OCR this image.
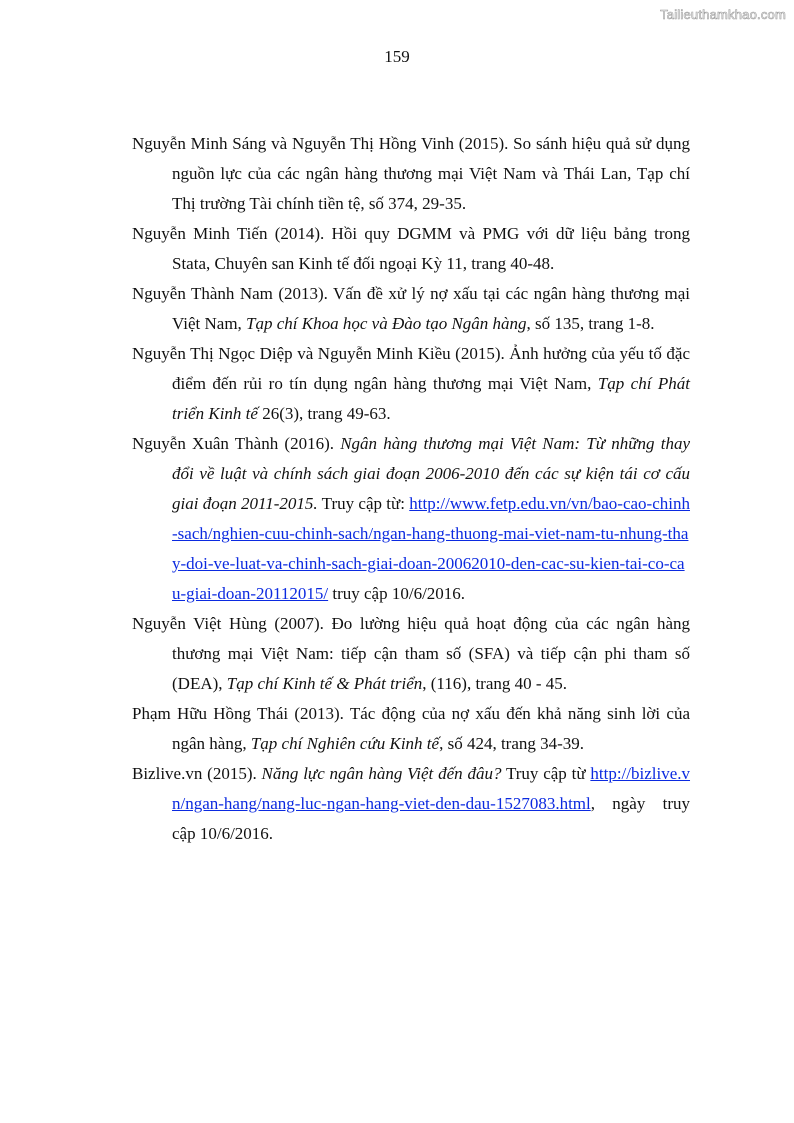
Tailieuthamkhao.com
159

Nguyễn Minh Sáng và Nguyễn Thị Hồng Vinh (2015). So sánh hiệu quả sử dụng nguồn lực của các ngân hàng thương mại Việt Nam và Thái Lan, Tạp chí Thị trường Tài chính tiền tệ, số 374, 29-35.

Nguyễn Minh Tiến (2014). Hồi quy DGMM và PMG với dữ liệu bảng trong Stata, Chuyên san Kinh tế đối ngoại Kỳ 11, trang 40-48.

Nguyễn Thành Nam (2013). Vấn đề xử lý nợ xấu tại các ngân hàng thương mại Việt Nam, Tạp chí Khoa học và Đào tạo Ngân hàng, số 135, trang 1-8.

Nguyễn Thị Ngọc Diệp và Nguyễn Minh Kiều (2015). Ảnh hưởng của yếu tố đặc điểm đến rủi ro tín dụng ngân hàng thương mại Việt Nam, Tạp chí Phát triển Kinh tế 26(3), trang 49-63.

Nguyễn Xuân Thành (2016). Ngân hàng thương mại Việt Nam: Từ những thay đổi về luật và chính sách giai đoạn 2006-2010 đến các sự kiện tái cơ cấu giai đoạn 2011-2015. Truy cập từ: http://www.fetp.edu.vn/vn/bao-cao-chinh-sach/nghien-cuu-chinh-sach/ngan-hang-thuong-mai-viet-nam-tu-nhung-thay-doi-ve-luat-va-chinh-sach-giai-doan-20062010-den-cac-su-kien-tai-co-cau-giai-doan-20112015/ truy cập 10/6/2016.

Nguyễn Việt Hùng (2007). Đo lường hiệu quả hoạt động của các ngân hàng thương mại Việt Nam: tiếp cận tham số (SFA) và tiếp cận phi tham số (DEA), Tạp chí Kinh tế & Phát triển, (116), trang 40 - 45.

Phạm Hữu Hồng Thái (2013). Tác động của nợ xấu đến khả năng sinh lời của ngân hàng, Tạp chí Nghiên cứu Kinh tế, số 424, trang 34-39.

Bizlive.vn (2015). Năng lực ngân hàng Việt đến đâu? Truy cập từ http://bizlive.vn/ngan-hang/nang-luc-ngan-hang-viet-den-dau-1527083.html, ngày truy cập 10/6/2016.
